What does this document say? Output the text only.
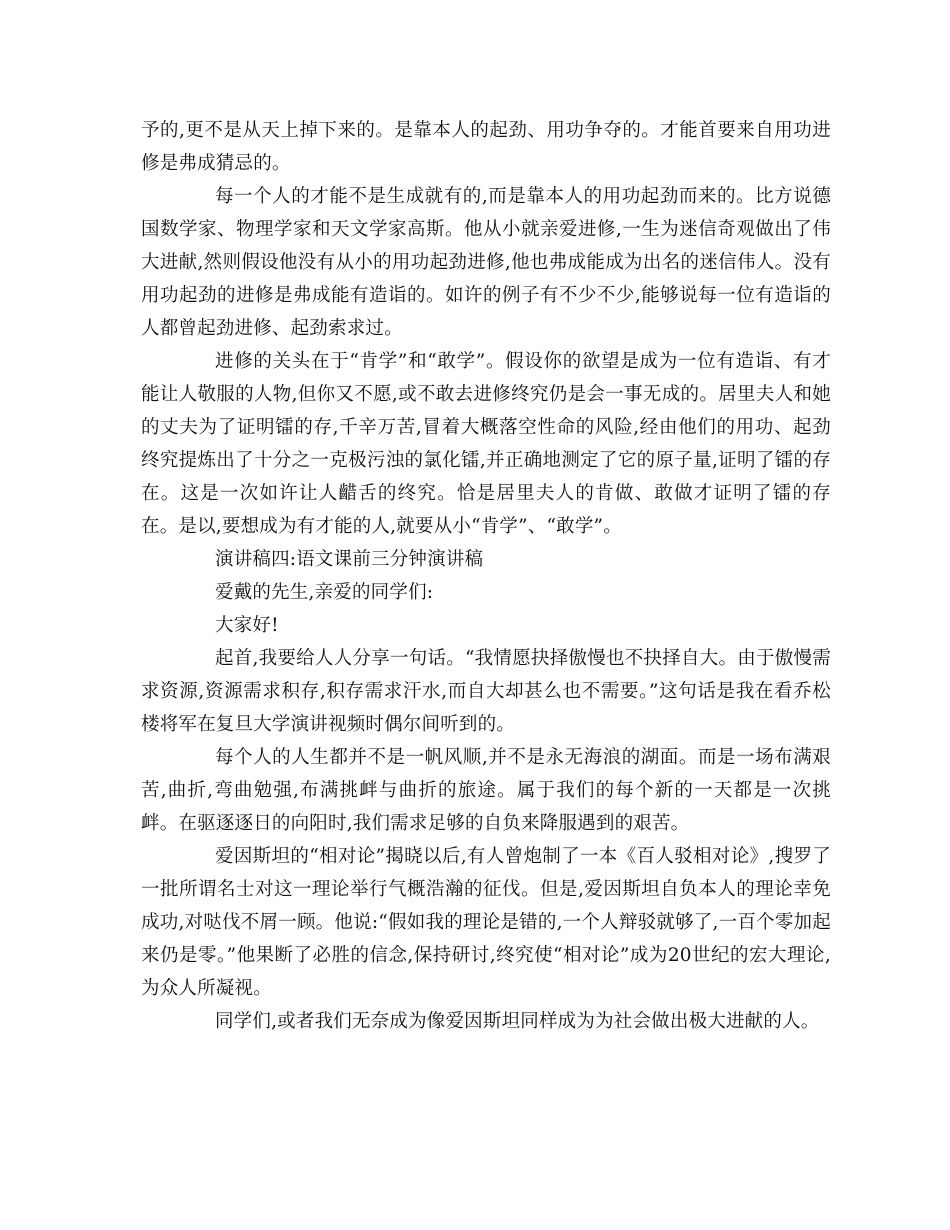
予的,更不是从天上掉下来的。是靠本人的起劲、用功争夺的。才能首要来自用功进修是弗成猜忌的。

每一个人的才能不是生成就有的,而是靠本人的用功起劲而来的。比方说德国数学家、物理学家和天文学家高斯。他从小就亲爱进修,一生为迷信奇观做出了伟大进献,然则假设他没有从小的用功起劲进修,他也弗成能成为出名的迷信伟人。没有用功起劲的进修是弗成能有造诣的。如许的例子有不少不少,能够说每一位有造诣的人都曾起劲进修、起劲索求过。

进修的关头在于“肯学”和“敢学”。假设你的欲望是成为一位有造诣、有才能让人敬服的人物,但你又不愿,或不敢去进修终究仍是会一事无成的。居里夫人和她的丈夫为了证明镭的存,千辛万苦,冒着大概落空性命的风险,经由他们的用功、起劲终究提炼出了十分之一克极污浊的氯化镭,并正确地测定了它的原子量,证明了镭的存在。这是一次如许让人齰舌的终究。恰是居里夫人的肯做、敢做才证明了镭的存在。是以,要想成为有才能的人,就要从小“肯学”、“敢学”。

演讲稿四:语文课前三分钟演讲稿

爱戴的先生,亲爱的同学们:

大家好!

起首,我要给人人分享一句话。“我情愿抉择傲慢也不抉择自大。由于傲慢需求资源,资源需求积存,积存需求汗水,而自大却甚么也不需要。”这句话是我在看乔松楼将军在复旦大学演讲视频时偶尔间听到的。

每个人的人生都并不是一帆风顺,并不是永无海浪的湖面。而是一场布满艰苦,曲折,弯曲勉强,布满挑衅与曲折的旅途。属于我们的每个新的一天都是一次挑衅。在驱逐逐日的向阳时,我们需求足够的自负来降服遇到的艰苦。

爱因斯坦的“相对论”揭晓以后,有人曾炮制了一本《百人驳相对论》,搜罗了一批所谓名士对这一理论举行气概浩瀚的征伐。但是,爱因斯坦自负本人的理论幸免成功,对哒伐不屑一顾。他说:“假如我的理论是错的,一个人辩驳就够了,一百个零加起来仍是零。”他果断了必胜的信念,保持研讨,终究使“相对论”成为20世纪的宏大理论,为众人所凝视。

同学们,或者我们无奈成为像爱因斯坦同样成为为社会做出极大进献的人。
